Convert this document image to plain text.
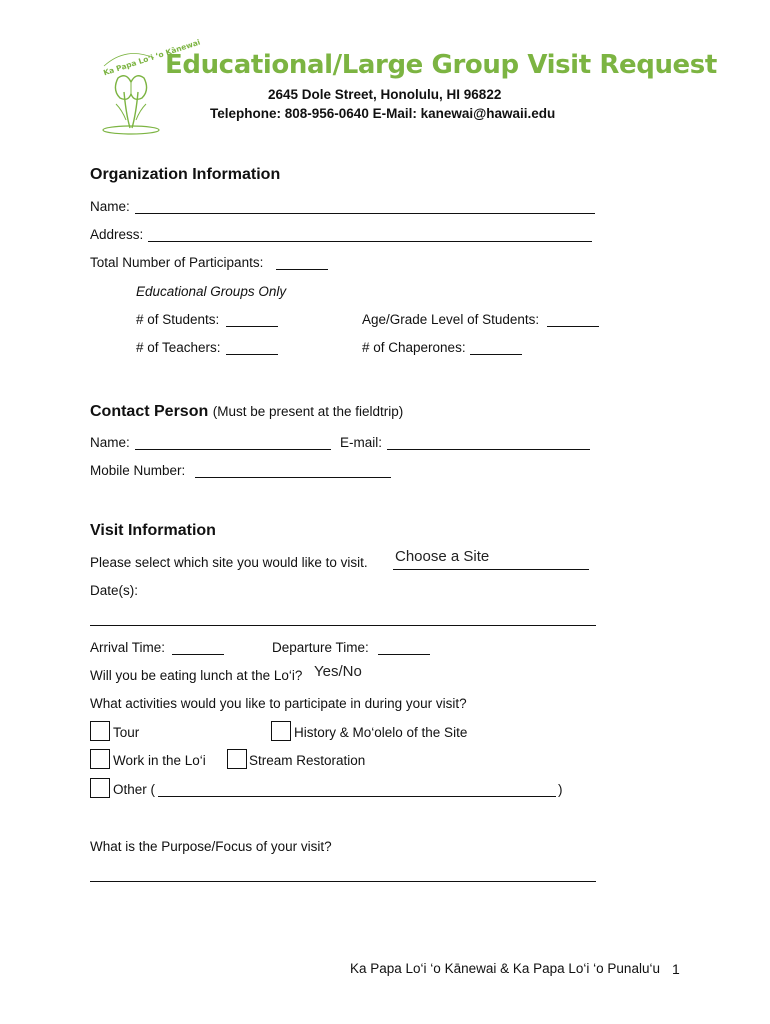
Ka Papa Lo‘i ‘o Kānewai
Educational/Large Group Visit Request
2645 Dole Street, Honolulu, HI 96822
Telephone: 808-956-0640 E-Mail: kanewai@hawaii.edu
Organization Information
Name:
Address:
Total Number of Participants:
Educational Groups Only
# of Students:	Age/Grade Level of Students:
# of Teachers:	# of Chaperones:
Contact Person (Must be present at the fieldtrip)
Name:	E-mail:
Mobile Number:
Visit Information
Please select which site you would like to visit. Choose a Site
Date(s):
Arrival Time:	Departure Time:
Will you be eating lunch at the Lo‘i? Yes/No
What activities would you like to participate in during your visit?
Tour	History & Mo‘olelo of the Site
Work in the Lo‘i	Stream Restoration
Other (	)
What is the Purpose/Focus of your visit?
Ka Papa Lo‘i ‘o Kānewai & Ka Papa Lo‘i ‘o Punalu‘u 1
